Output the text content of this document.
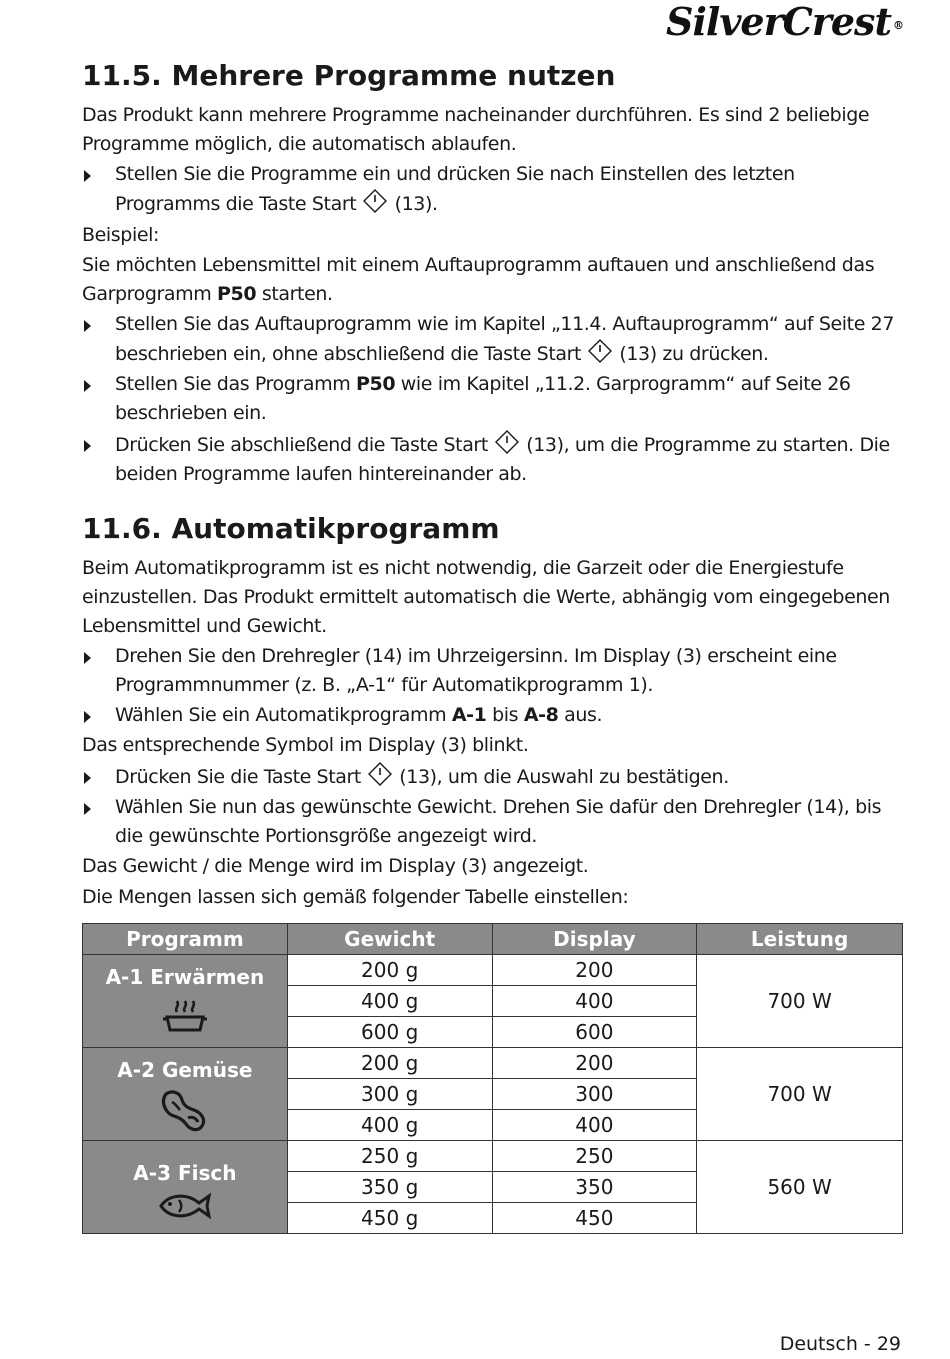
SilverCrest ®
11.5. Mehrere Programme nutzen

Das Produkt kann mehrere Programme nacheinander durchführen. Es sind 2 beliebige Programme möglich, die automatisch ablaufen.

Stellen Sie die Programme ein und drücken Sie nach Einstellen des letzten Programms die Taste Start (13).

Beispiel:

Sie möchten Lebensmittel mit einem Auftauprogramm auftauen und anschließend das Garprogramm P50 starten.

Stellen Sie das Auftauprogramm wie im Kapitel „11.4. Auftauprogramm“ auf Seite 27 beschrieben ein, ohne abschließend die Taste Start (13) zu drücken.
Stellen Sie das Programm P50 wie im Kapitel „11.2. Garprogramm“ auf Seite 26 beschrieben ein.
Drücken Sie abschließend die Taste Start (13), um die Programme zu starten. Die beiden Programme laufen hintereinander ab.
11.6. Automatikprogramm

Beim Automatikprogramm ist es nicht notwendig, die Garzeit oder die Energiestufe einzustellen. Das Produkt ermittelt automatisch die Werte, abhängig vom eingegebenen Lebensmittel und Gewicht.

Drehen Sie den Drehregler (14) im Uhrzeigersinn. Im Display (3) erscheint eine Programmnummer (z. B. „A-1“ für Automatikprogramm 1).
Wählen Sie ein Automatikprogramm A-1 bis A-8 aus.

Das entsprechende Symbol im Display (3) blinkt.

Drücken Sie die Taste Start (13), um die Auswahl zu bestätigen.
Wählen Sie nun das gewünschte Gewicht. Drehen Sie dafür den Drehregler (14), bis die gewünschte Portionsgröße angezeigt wird.

Das Gewicht / die Menge wird im Display (3) angezeigt.

Die Mengen lassen sich gemäß folgender Tabelle einstellen:

Programm	Gewicht	Display	Leistung
A-1 Erwärmen	200 g	200	700 W
	400 g	400	
	600 g	600	
A-2 Gemüse	200 g	200	700 W
	300 g	300	
	400 g	400	
A-3 Fisch	250 g	250	560 W
	350 g	350	
	450 g	450	
Deutsch - 29
